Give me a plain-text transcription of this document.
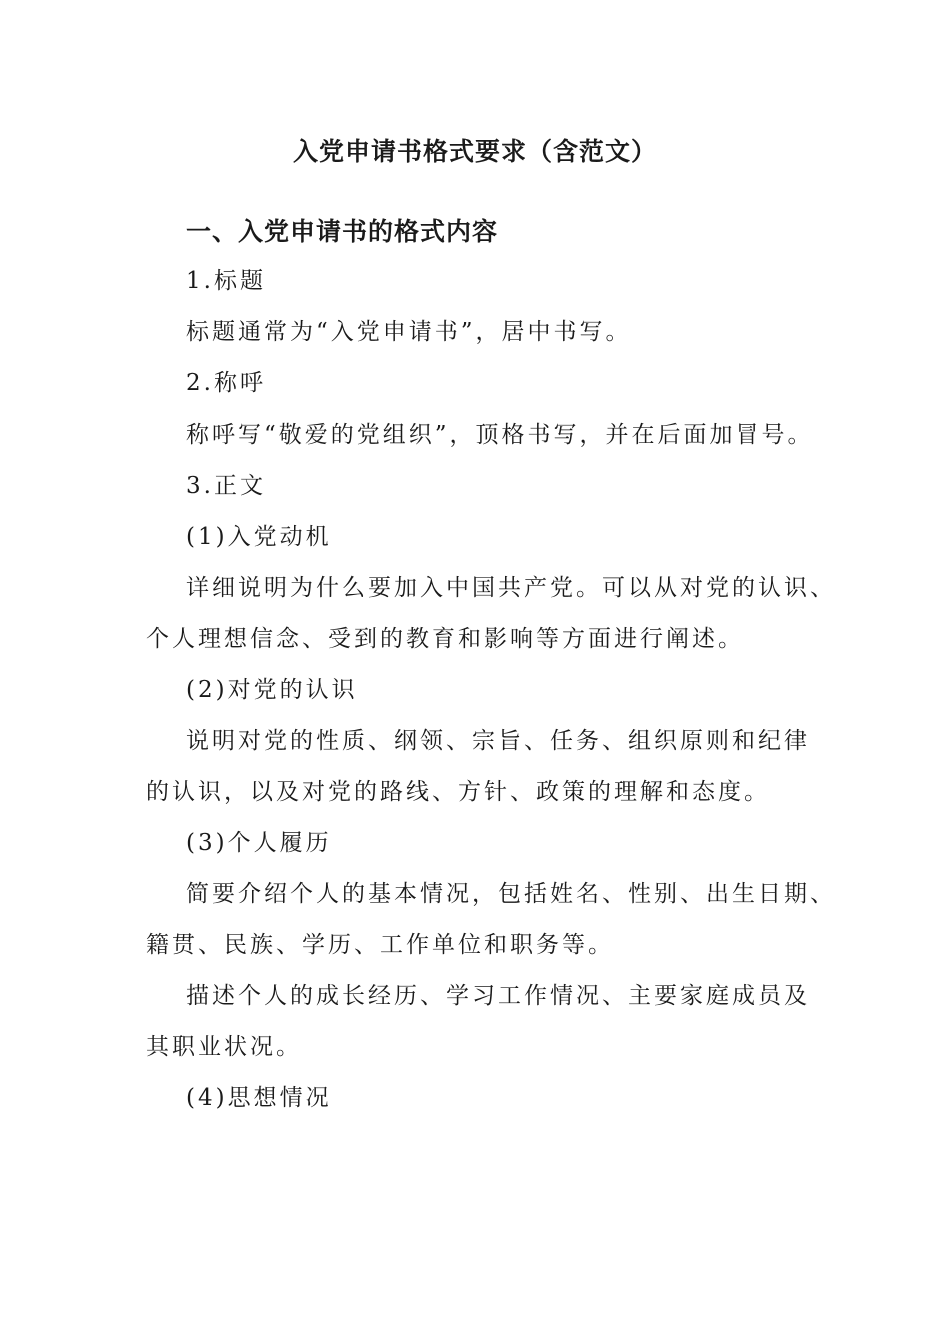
入党申请书格式要求（含范文）
一、入党申请书的格式内容
1.标题
标题通常为“入党申请书”，居中书写。
2.称呼
称呼写“敬爱的党组织”，顶格书写，并在后面加冒号。
3.正文
(1)入党动机
详细说明为什么要加入中国共产党。可以从对党的认识、
个人理想信念、受到的教育和影响等方面进行阐述。
(2)对党的认识
说明对党的性质、纲领、宗旨、任务、组织原则和纪律
的认识，以及对党的路线、方针、政策的理解和态度。
(3)个人履历
简要介绍个人的基本情况，包括姓名、性别、出生日期、
籍贯、民族、学历、工作单位和职务等。
描述个人的成长经历、学习工作情况、主要家庭成员及
其职业状况。
(4)思想情况
